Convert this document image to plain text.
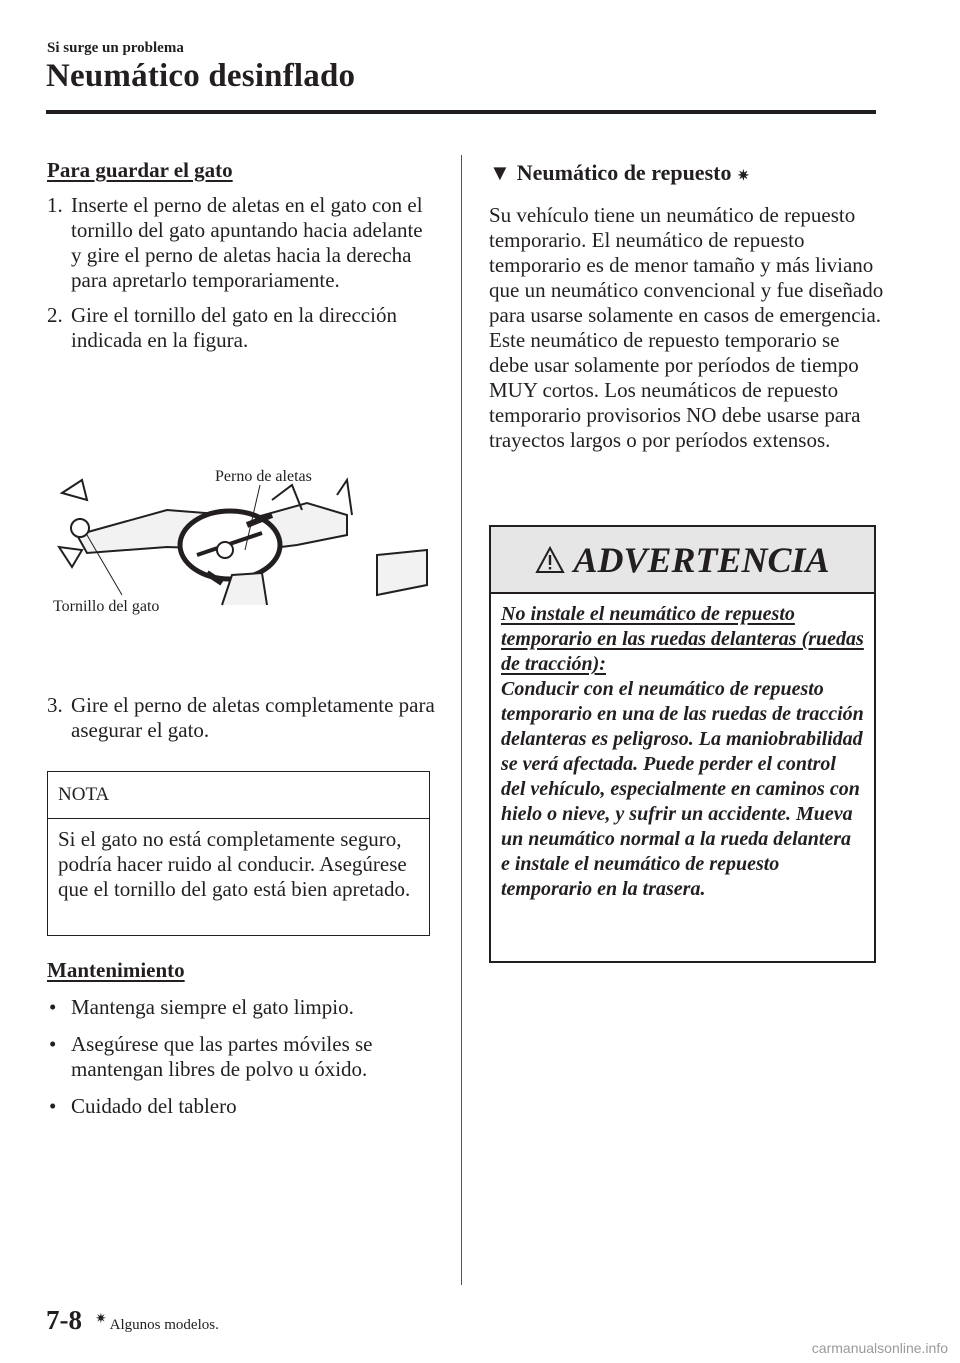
Si surge un problema
Neumático desinflado
Para guardar el gato
1. Inserte el perno de aletas en el gato con el tornillo del gato apuntando hacia adelante y gire el perno de aletas hacia la derecha para apretarlo temporariamente.
2. Gire el tornillo del gato en la dirección indicada en la figura.
Perno de aletas
Tornillo del gato
3. Gire el perno de aletas completamente para asegurar el gato.
NOTA
Si el gato no está completamente seguro, podría hacer ruido al conducir. Asegúrese que el tornillo del gato está bien apretado.
Mantenimiento
• Mantenga siempre el gato limpio.
• Asegúrese que las partes móviles se mantengan libres de polvo u óxido.
• Cuidado del tablero
▼ Neumático de repuesto ✷
Su vehículo tiene un neumático de repuesto temporario. El neumático de repuesto temporario es de menor tamaño y más liviano que un neumático convencional y fue diseñado para usarse solamente en casos de emergencia. Este neumático de repuesto temporario se debe usar solamente por períodos de tiempo MUY cortos. Los neumáticos de repuesto temporario provisorios NO debe usarse para trayectos largos o por períodos extensos.
ADVERTENCIA
No instale el neumático de repuesto temporario en las ruedas delanteras (ruedas de tracción):
Conducir con el neumático de repuesto temporario en una de las ruedas de tracción delanteras es peligroso. La maniobrabilidad se verá afectada. Puede perder el control del vehículo, especialmente en caminos con hielo o nieve, y sufrir un accidente. Mueva un neumático normal a la rueda delantera e instale el neumático de repuesto temporario en la trasera.
7-8 ✷ Algunos modelos.
carmanualsonline.info
